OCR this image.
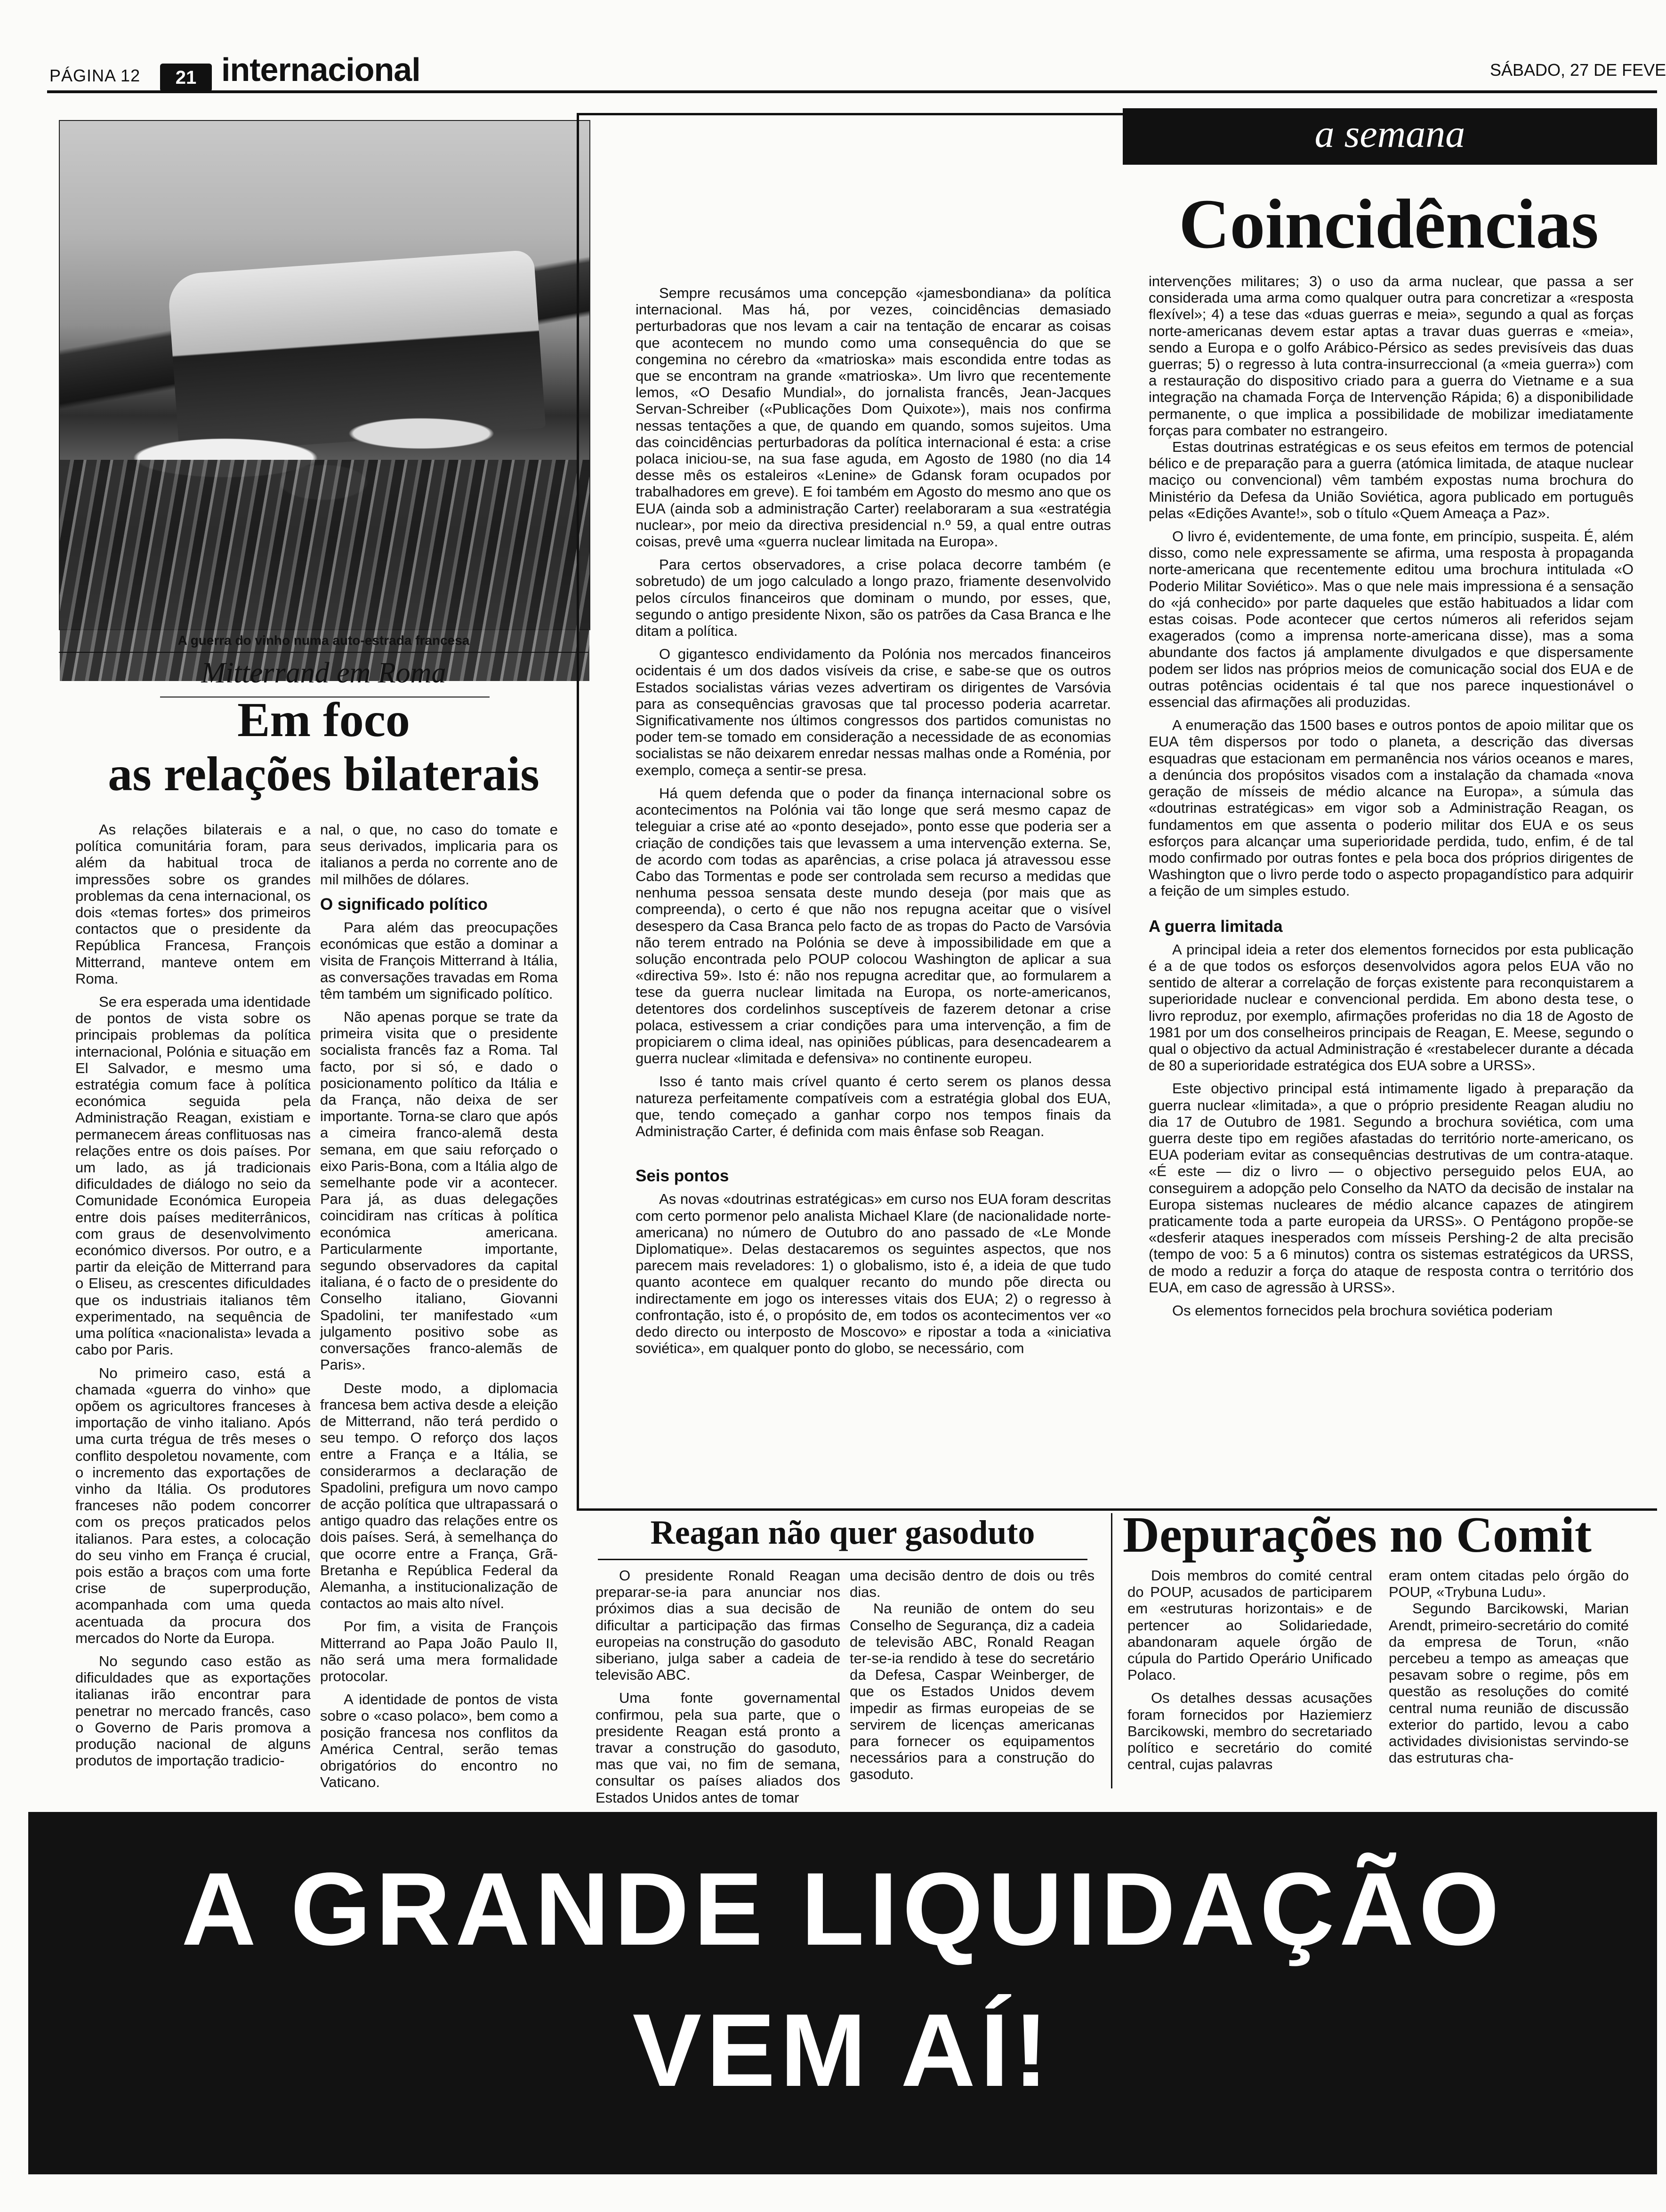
PÁGINA 12	21 internacional	SÁBADO, 27 DE FEVE
A guerra do vinho numa auto-estrada francesa
Mitterrand em Roma
Em foco
as relações bilaterais

As relações bilaterais e a política comunitária foram, para além da habitual troca de impressões sobre os grandes problemas da cena internacional, os dois «temas fortes» dos primeiros contactos que o presidente da República Francesa, François Mitterrand, manteve ontem em Roma.

Se era esperada uma identidade de pontos de vista sobre os principais problemas da política internacional, Polónia e situação em El Salvador, e mesmo uma estratégia comum face à política económica seguida pela Administração Reagan, existiam e permanecem áreas conflituosas nas relações entre os dois países. Por um lado, as já tradicionais dificuldades de diálogo no seio da Comunidade Económica Europeia entre dois países mediterrânicos, com graus de desenvolvimento económico diversos. Por outro, e a partir da eleição de Mitterrand para o Eliseu, as crescentes dificuldades que os industriais italianos têm experimentado, na sequência de uma política «nacionalista» levada a cabo por Paris.

No primeiro caso, está a chamada «guerra do vinho» que opõem os agricultores franceses à importação de vinho italiano. Após uma curta trégua de três meses o conflito despoletou novamente, com o incremento das exportações de vinho da Itália. Os produtores franceses não podem concorrer com os preços praticados pelos italianos. Para estes, a colocação do seu vinho em França é crucial, pois estão a braços com uma forte crise de superprodução, acompanhada com uma queda acentuada da procura dos mercados do Norte da Europa.

No segundo caso estão as dificuldades que as exportações italianas irão encontrar para penetrar no mercado francês, caso o Governo de Paris promova a produção nacional de alguns produtos de importação tradicio-

nal, o que, no caso do tomate e seus derivados, implicaria para os italianos a perda no corrente ano de mil milhões de dólares.

O significado político

Para além das preocupações económicas que estão a dominar a visita de François Mitterrand à Itália, as conversações travadas em Roma têm também um significado político.

Não apenas porque se trate da primeira visita que o presidente socialista francês faz a Roma. Tal facto, por si só, e dado o posicionamento político da Itália e da França, não deixa de ser importante. Torna-se claro que após a cimeira franco-alemã desta semana, em que saiu reforçado o eixo Paris-Bona, com a Itália algo de semelhante pode vir a acontecer. Para já, as duas delegações coincidiram nas críticas à política económica americana. Particularmente importante, segundo observadores da capital italiana, é o facto de o presidente do Conselho italiano, Giovanni Spadolini, ter manifestado «um julgamento positivo sobe as conversações franco-alemãs de Paris».

Deste modo, a diplomacia francesa bem activa desde a eleição de Mitterrand, não terá perdido o seu tempo. O reforço dos laços entre a França e a Itália, se considerarmos a declaração de Spadolini, prefigura um novo campo de acção política que ultrapassará o antigo quadro das relações entre os dois países. Será, à semelhança do que ocorre entre a França, Grã-Bretanha e República Federal da Alemanha, a institucionalização de contactos ao mais alto nível.

Por fim, a visita de François Mitterrand ao Papa João Paulo II, não será uma mera formalidade protocolar.

A identidade de pontos de vista sobre o «caso polaco», bem como a posição francesa nos conflitos da América Central, serão temas obrigatórios do encontro no Vaticano.

a semana
Coincidências

Sempre recusámos uma concepção «jamesbondiana» da política internacional. Mas há, por vezes, coincidências demasiado perturbadoras que nos levam a cair na tentação de encarar as coisas que acontecem no mundo como uma consequência do que se congemina no cérebro da «matrioska» mais escondida entre todas as que se encontram na grande «matrioska». Um livro que recentemente lemos, «O Desafio Mundial», do jornalista francês, Jean-Jacques Servan-Schreiber («Publicações Dom Quixote»), mais nos confirma nessas tentações a que, de quando em quando, somos sujeitos. Uma das coincidências perturbadoras da política internacional é esta: a crise polaca iniciou-se, na sua fase aguda, em Agosto de 1980 (no dia 14 desse mês os estaleiros «Lenine» de Gdansk foram ocupados por trabalhadores em greve). E foi também em Agosto do mesmo ano que os EUA (ainda sob a administração Carter) reelaboraram a sua «estratégia nuclear», por meio da directiva presidencial n.º 59, a qual entre outras coisas, prevê uma «guerra nuclear limitada na Europa».

Para certos observadores, a crise polaca decorre também (e sobretudo) de um jogo calculado a longo prazo, friamente desenvolvido pelos círculos financeiros que dominam o mundo, por esses, que, segundo o antigo presidente Nixon, são os patrões da Casa Branca e lhe ditam a política.

O gigantesco endividamento da Polónia nos mercados financeiros ocidentais é um dos dados visíveis da crise, e sabe-se que os outros Estados socialistas várias vezes advertiram os dirigentes de Varsóvia para as consequências gravosas que tal processo poderia acarretar. Significativamente nos últimos congressos dos partidos comunistas no poder tem-se tomado em consideração a necessidade de as economias socialistas se não deixarem enredar nessas malhas onde a Roménia, por exemplo, começa a sentir-se presa.

Há quem defenda que o poder da finança internacional sobre os acontecimentos na Polónia vai tão longe que será mesmo capaz de teleguiar a crise até ao «ponto desejado», ponto esse que poderia ser a criação de condições tais que levassem a uma intervenção externa. Se, de acordo com todas as aparências, a crise polaca já atravessou esse Cabo das Tormentas e pode ser controlada sem recurso a medidas que nenhuma pessoa sensata deste mundo deseja (por mais que as compreenda), o certo é que não nos repugna aceitar que o visível desespero da Casa Branca pelo facto de as tropas do Pacto de Varsóvia não terem entrado na Polónia se deve à impossibilidade em que a solução encontrada pelo POUP colocou Washington de aplicar a sua «directiva 59». Isto é: não nos repugna acreditar que, ao formularem a tese da guerra nuclear limitada na Europa, os norte-americanos, detentores dos cordelinhos susceptíveis de fazerem detonar a crise polaca, estivessem a criar condições para uma intervenção, a fim de propiciarem o clima ideal, nas opiniões públicas, para desencadearem a guerra nuclear «limitada e defensiva» no continente europeu.

Isso é tanto mais crível quanto é certo serem os planos dessa natureza perfeitamente compatíveis com a estratégia global dos EUA, que, tendo começado a ganhar corpo nos tempos finais da Administração Carter, é definida com mais ênfase sob Reagan.

Seis pontos

As novas «doutrinas estratégicas» em curso nos EUA foram descritas com certo pormenor pelo analista Michael Klare (de nacionalidade norte-americana) no número de Outubro do ano passado de «Le Monde Diplomatique». Delas destacaremos os seguintes aspectos, que nos parecem mais reveladores: 1) o globalismo, isto é, a ideia de que tudo quanto acontece em qualquer recanto do mundo põe directa ou indirectamente em jogo os interesses vitais dos EUA; 2) o regresso à confrontação, isto é, o propósito de, em todos os acontecimentos ver «o dedo directo ou interposto de Moscovo» e ripostar a toda a «iniciativa soviética», em qualquer ponto do globo, se necessário, com

intervenções militares; 3) o uso da arma nuclear, que passa a ser considerada uma arma como qualquer outra para concretizar a «resposta flexível»; 4) a tese das «duas guerras e meia», segundo a qual as forças norte-americanas devem estar aptas a travar duas guerras e «meia», sendo a Europa e o golfo Arábico-Pérsico as sedes previsíveis das duas guerras; 5) o regresso à luta contra-insurreccional (a «meia guerra») com a restauração do dispositivo criado para a guerra do Vietname e a sua integração na chamada Força de Intervenção Rápida; 6) a disponibilidade permanente, o que implica a possibilidade de mobilizar imediatamente forças para combater no estrangeiro.

Estas doutrinas estratégicas e os seus efeitos em termos de potencial bélico e de preparação para a guerra (atómica limitada, de ataque nuclear maciço ou convencional) vêm também expostas numa brochura do Ministério da Defesa da União Soviética, agora publicado em português pelas «Edições Avante!», sob o título «Quem Ameaça a Paz».

O livro é, evidentemente, de uma fonte, em princípio, suspeita. É, além disso, como nele expressamente se afirma, uma resposta à propaganda norte-americana que recentemente editou uma brochura intitulada «O Poderio Militar Soviético». Mas o que nele mais impressiona é a sensação do «já conhecido» por parte daqueles que estão habituados a lidar com estas coisas. Pode acontecer que certos números ali referidos sejam exagerados (como a imprensa norte-americana disse), mas a soma abundante dos factos já amplamente divulgados e que dispersamente podem ser lidos nas próprios meios de comunicação social dos EUA e de outras potências ocidentais é tal que nos parece inquestionável o essencial das afirmações ali produzidas.

A enumeração das 1500 bases e outros pontos de apoio militar que os EUA têm dispersos por todo o planeta, a descrição das diversas esquadras que estacionam em permanência nos vários oceanos e mares, a denúncia dos propósitos visados com a instalação da chamada «nova geração de mísseis de médio alcance na Europa», a súmula das «doutrinas estratégicas» em vigor sob a Administração Reagan, os fundamentos em que assenta o poderio militar dos EUA e os seus esforços para alcançar uma superioridade perdida, tudo, enfim, é de tal modo confirmado por outras fontes e pela boca dos próprios dirigentes de Washington que o livro perde todo o aspecto propagandístico para adquirir a feição de um simples estudo.

A guerra limitada

A principal ideia a reter dos elementos fornecidos por esta publicação é a de que todos os esforços desenvolvidos agora pelos EUA vão no sentido de alterar a correlação de forças existente para reconquistarem a superioridade nuclear e convencional perdida. Em abono desta tese, o livro reproduz, por exemplo, afirmações proferidas no dia 18 de Agosto de 1981 por um dos conselheiros principais de Reagan, E. Meese, segundo o qual o objectivo da actual Administração é «restabelecer durante a década de 80 a superioridade estratégica dos EUA sobre a URSS».

Este objectivo principal está intimamente ligado à preparação da guerra nuclear «limitada», a que o próprio presidente Reagan aludiu no dia 17 de Outubro de 1981. Segundo a brochura soviética, com uma guerra deste tipo em regiões afastadas do território norte-americano, os EUA poderiam evitar as consequências destrutivas de um contra-ataque. «É este — diz o livro — o objectivo perseguido pelos EUA, ao conseguirem a adopção pelo Conselho da NATO da decisão de instalar na Europa sistemas nucleares de médio alcance capazes de atingirem praticamente toda a parte europeia da URSS». O Pentágono propõe-se «desferir ataques inesperados com mísseis Pershing-2 de alta precisão (tempo de voo: 5 a 6 minutos) contra os sistemas estratégicos da URSS, de modo a reduzir a força do ataque de resposta contra o território dos EUA, em caso de agressão à URSS».

Os elementos fornecidos pela brochura soviética poderiam

Reagan não quer gasoduto

O presidente Ronald Reagan preparar-se-ia para anunciar nos próximos dias a sua decisão de dificultar a participação das firmas europeias na construção do gasoduto siberiano, julga saber a cadeia de televisão ABC.

Uma fonte governamental confirmou, pela sua parte, que o presidente Reagan está pronto a travar a construção do gasoduto, mas que vai, no fim de semana, consultar os países aliados dos Estados Unidos antes de tomar

uma decisão dentro de dois ou três dias.

Na reunião de ontem do seu Conselho de Segurança, diz a cadeia de televisão ABC, Ronald Reagan ter-se-ia rendido à tese do secretário da Defesa, Caspar Weinberger, de que os Estados Unidos devem impedir as firmas europeias de se servirem de licenças americanas para fornecer os equipamentos necessários para a construção do gasoduto.

Depurações no Comit

Dois membros do comité central do POUP, acusados de participarem em «estruturas horizontais» e de pertencer ao Solidariedade, abandonaram aquele órgão de cúpula do Partido Operário Unificado Polaco.

Os detalhes dessas acusações foram fornecidos por Haziemierz Barcikowski, membro do secretariado político e secretário do comité central, cujas palavras

eram ontem citadas pelo órgão do POUP, «Trybuna Ludu».

Segundo Barcikowski, Marian Arendt, primeiro-secretário do comité da empresa de Torun, «não percebeu a tempo as ameaças que pesavam sobre o regime, pôs em questão as resoluções do comité central numa reunião de discussão exterior do partido, levou a cabo actividades divisionistas servindo-se das estruturas cha-

A GRANDE LIQUIDAÇÃO
VEM AÍ!
